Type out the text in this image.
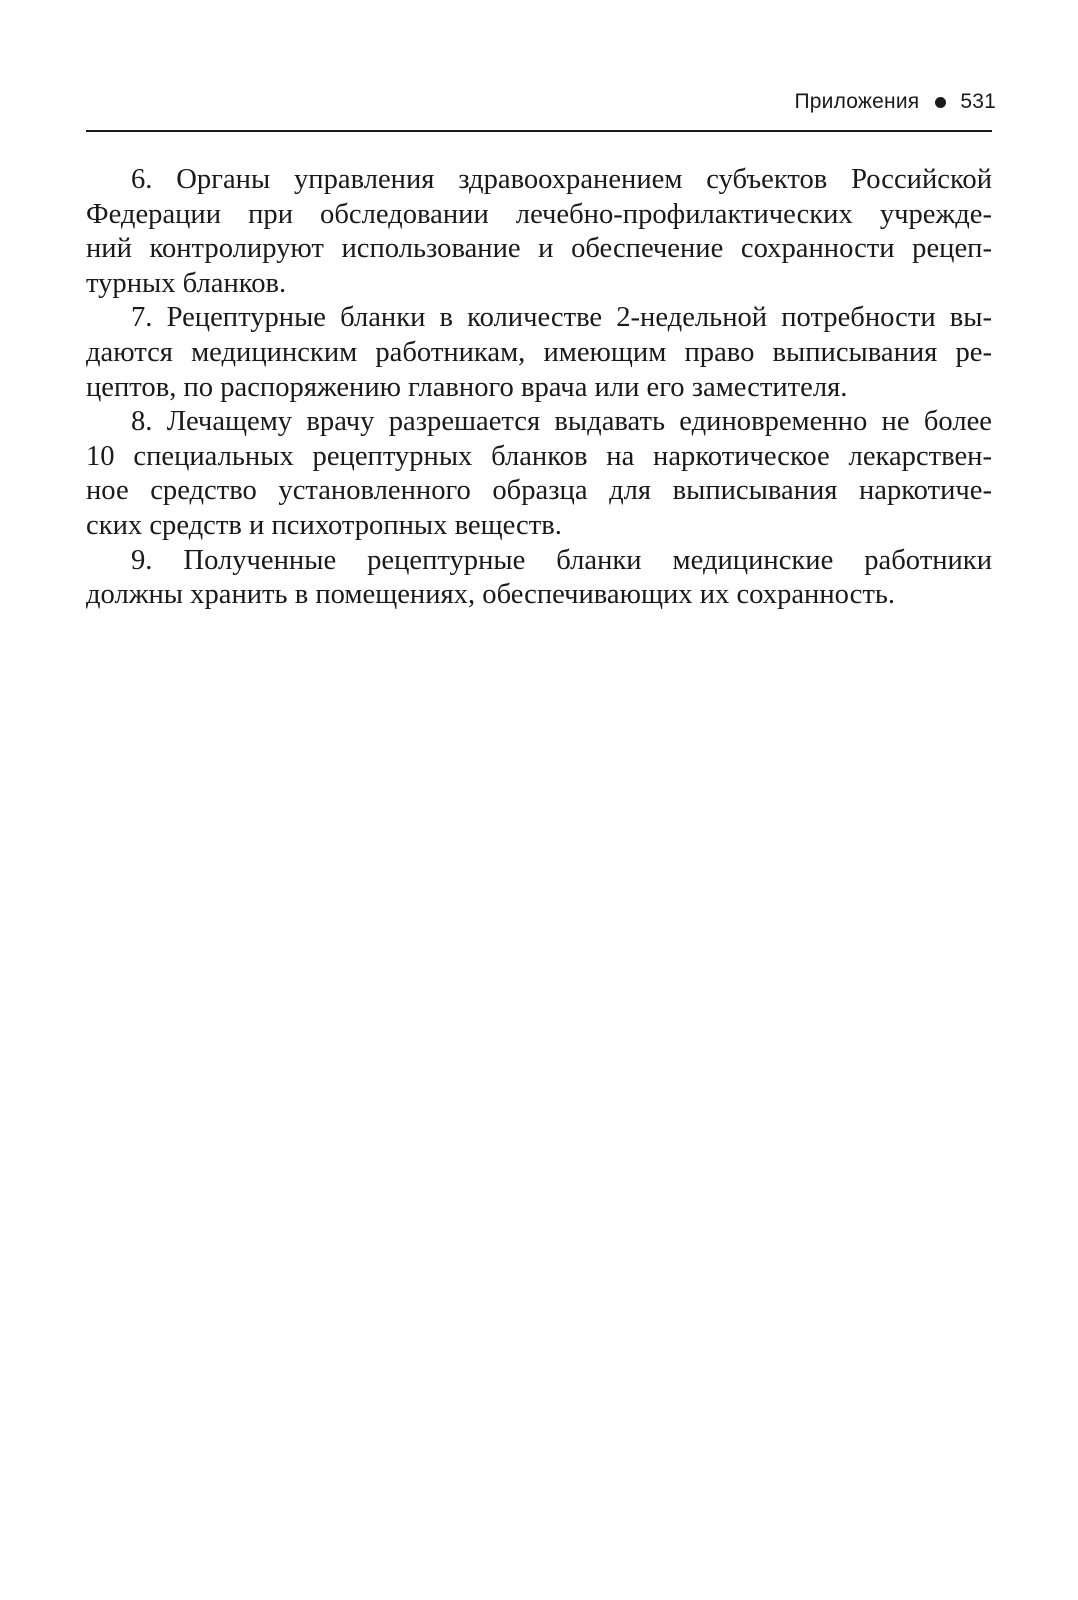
Приложения 531
6. Органы управления здравоохранением субъектов Российской
Федерации при обследовании лечебно-профилактических учрежде-
ний контролируют использование и обеспечение сохранности рецеп-
турных бланков.
7. Рецептурные бланки в количестве 2-недельной потребности вы-
даются медицинским работникам, имеющим право выписывания ре-
цептов, по распоряжению главного врача или его заместителя.
8. Лечащему врачу разрешается выдавать единовременно не более
10 специальных рецептурных бланков на наркотическое лекарствен-
ное средство установленного образца для выписывания наркотиче-
ских средств и психотропных веществ.
9. Полученные рецептурные бланки медицинские работники
должны хранить в помещениях, обеспечивающих их сохранность.
